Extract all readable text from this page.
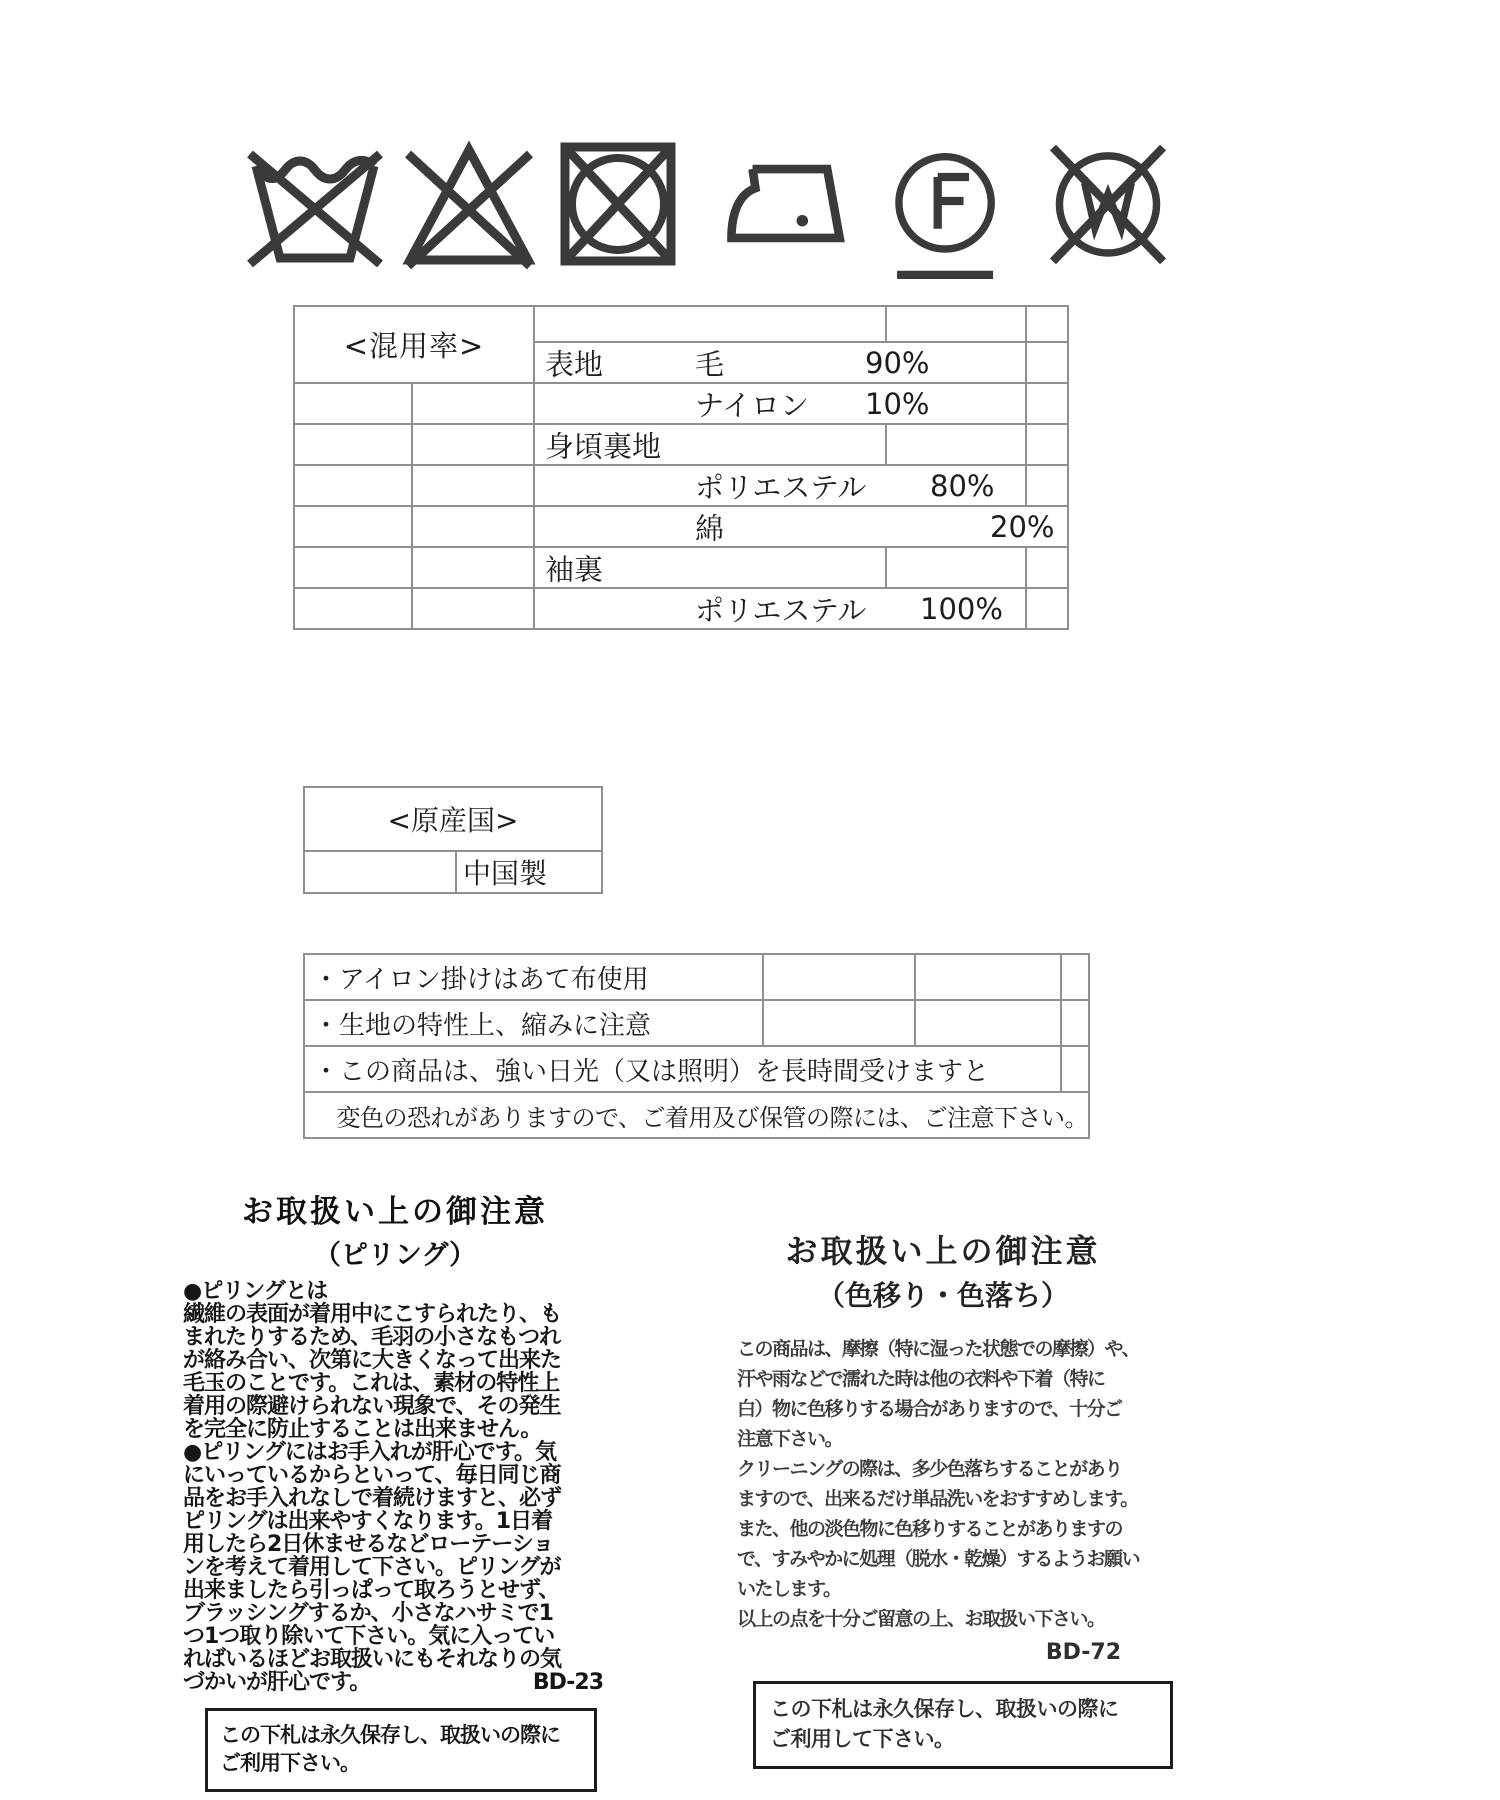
<混用率>				

		表地 毛 90%		

		ナイロン 10%		

		身頃裏地		

		ポリエステル 80%		

		綿 20%		

		袖裏		

		ポリエステル 100%		

<原産国>
	中国製
・アイロン掛けはあて布使用			
・生地の特性上、縮みに注意			
・この商品は、強い日光（又は照明）を長時間受けますと			
　変色の恐れがありますので、ご着用及び保管の際には、ご注意下さい。			
お取扱い上の御注意
（ピリング）
●ピリングとは
繊維の表面が着用中にこすられたり、も
まれたりするため、毛羽の小さなもつれ
が絡み合い、次第に大きくなって出来た
毛玉のことです。これは、素材の特性上
着用の際避けられない現象で、その発生
を完全に防止することは出来ません。
●ピリングにはお手入れが肝心です。気
にいっているからといって、毎日同じ商
品をお手入れなしで着続けますと、必ず
ピリングは出来やすくなります。1日着
用したら2日休ませるなどローテーショ
ンを考えて着用して下さい。ピリングが
出来ましたら引っぱって取ろうとせず、
ブラッシングするか、小さなハサミで1
つ1つ取り除いて下さい。気に入ってい
ればいるほどお取扱いにもそれなりの気
づかいが肝心です。	BD-23
この下札は永久保存し、取扱いの際に
ご利用下さい。
お取扱い上の御注意
（色移り・色落ち）
この商品は、摩擦（特に湿った状態での摩擦）や、
汗や雨などで濡れた時は他の衣料や下着（特に
白）物に色移りする場合がありますので、十分ご
注意下さい。
クリーニングの際は、多少色落ちすることがあり
ますので、出来るだけ単品洗いをおすすめします。
また、他の淡色物に色移りすることがありますの
で、すみやかに処理（脱水・乾燥）するようお願い
いたします。
以上の点を十分ご留意の上、お取扱い下さい。
BD-72
この下札は永久保存し、取扱いの際に
ご利用して下さい。
